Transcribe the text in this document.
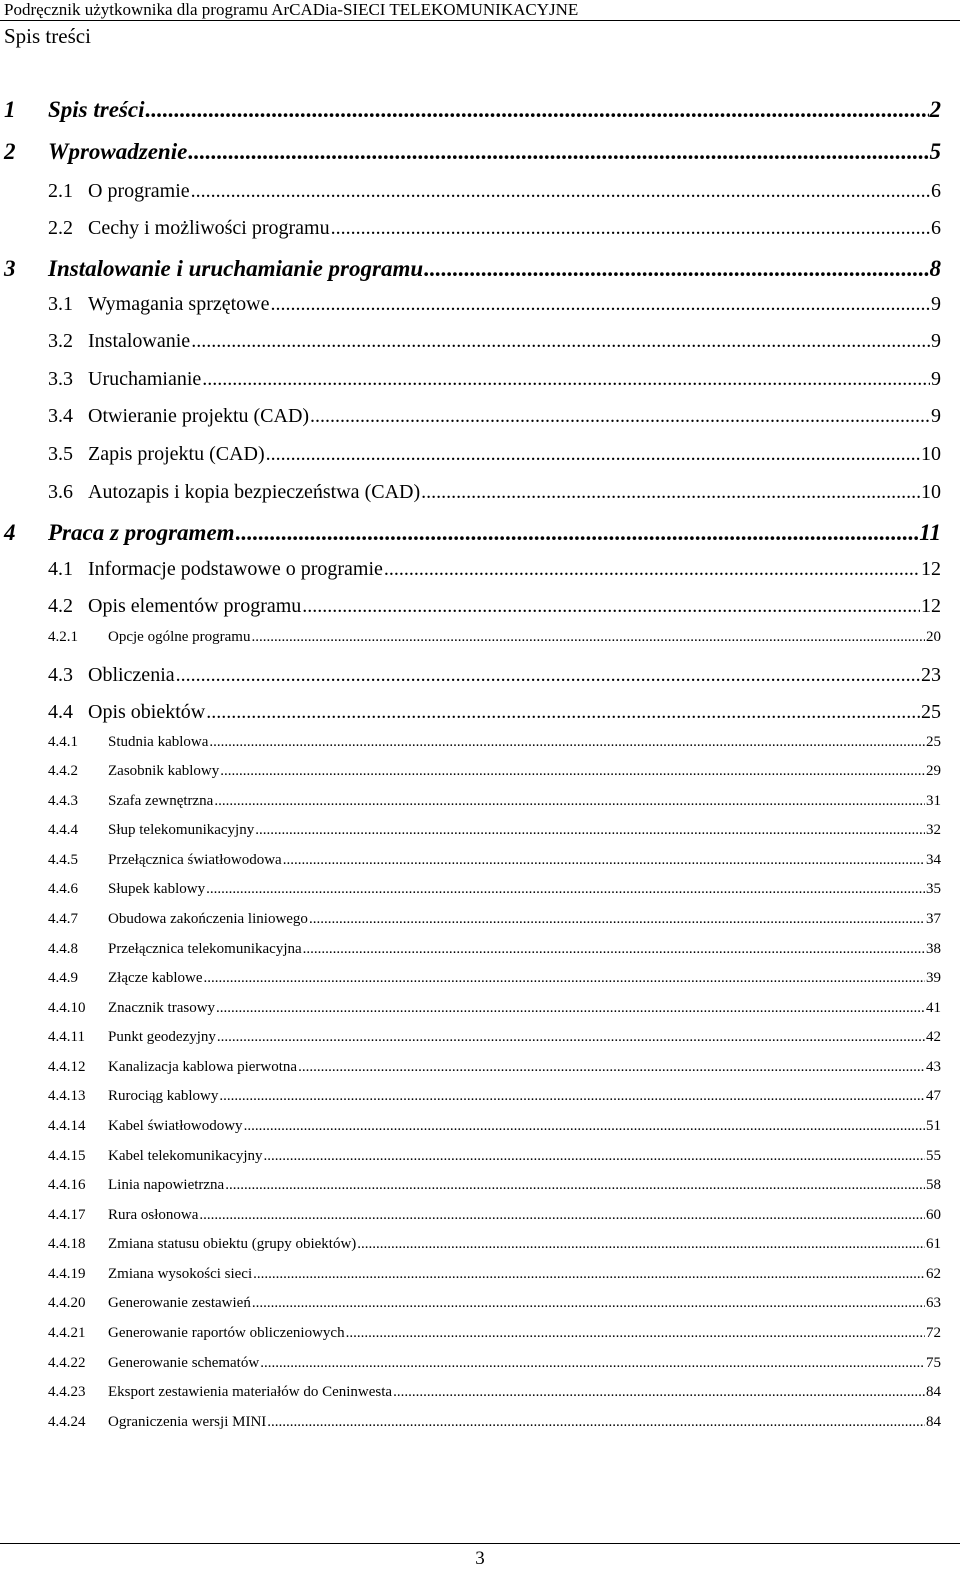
Podręcznik użytkownika dla programu ArCADia-SIECI TELEKOMUNIKACYJNE
Spis treści
1	Spis treści .....	2
2	Wprowadzenie .....	5
2.1 O programie .....	6
2.2 Cechy i możliwości programu .....	6
3	Instalowanie i uruchamianie programu .....	8
3.1 Wymagania sprzętowe .....	9
3.2 Instalowanie .....	9
3.3 Uruchamianie .....	9
3.4 Otwieranie projektu (CAD) .....	9
3.5 Zapis projektu (CAD) .....	10
3.6 Autozapis i kopia bezpieczeństwa (CAD) .....	10
4	Praca z programem .....	11
4.1 Informacje podstawowe o programie .....	12
4.2 Opis elementów programu .....	12
4.2.1	Opcje ogólne programu .....	20
4.3 Obliczenia .....	23
4.4 Opis obiektów .....	25
4.4.1	Studnia kablowa .....	25
4.4.2	Zasobnik kablowy .....	29
4.4.3	Szafa zewnętrzna .....	31
4.4.4	Słup telekomunikacyjny .....	32
4.4.5	Przełącznica światłowodowa .....	34
4.4.6	Słupek kablowy .....	35
4.4.7	Obudowa zakończenia liniowego .....	37
4.4.8	Przełącznica telekomunikacyjna .....	38
4.4.9	Złącze kablowe .....	39
4.4.10	Znacznik trasowy .....	41
4.4.11	Punkt geodezyjny .....	42
4.4.12	Kanalizacja kablowa pierwotna .....	43
4.4.13	Rurociąg kablowy .....	47
4.4.14	Kabel światłowodowy .....	51
4.4.15	Kabel telekomunikacyjny .....	55
4.4.16	Linia napowietrzna .....	58
4.4.17	Rura osłonowa .....	60
4.4.18	Zmiana statusu obiektu (grupy obiektów) .....	61
4.4.19	Zmiana wysokości sieci .....	62
4.4.20	Generowanie zestawień .....	63
4.4.21	Generowanie raportów obliczeniowych .....	72
4.4.22	Generowanie schematów .....	75
4.4.23	Eksport zestawienia materiałów do Ceninwesta .....	84
4.4.24	Ograniczenia wersji MINI .....	84
3
